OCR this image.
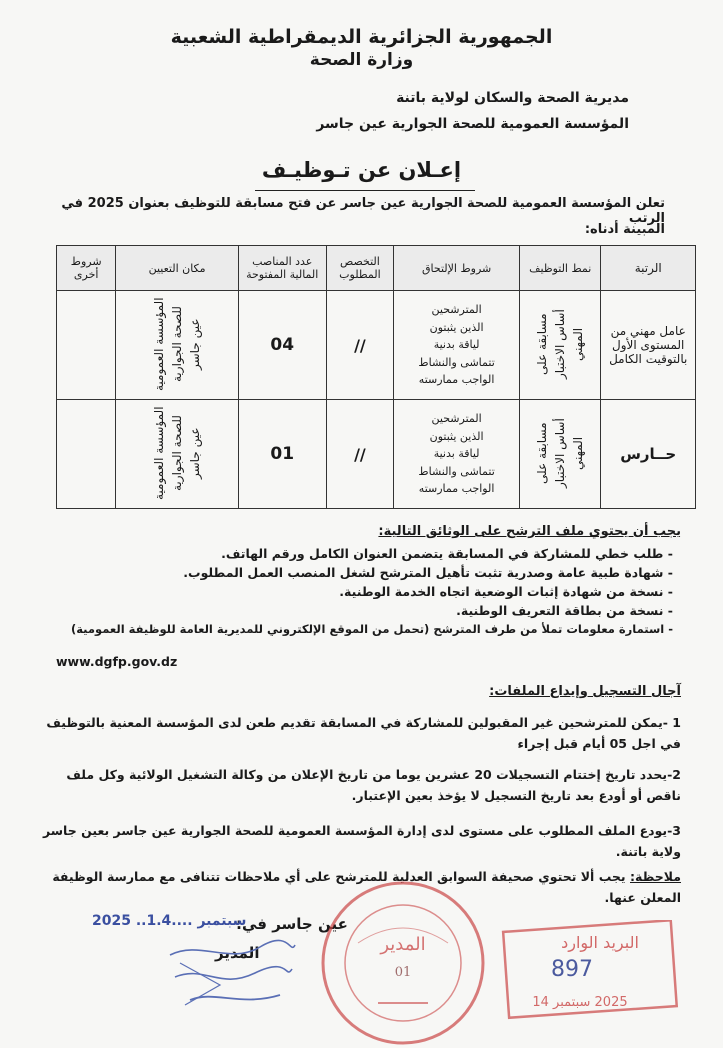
الجمهورية الجزائرية الديمقراطية الشعبية
وزارة الصحة
مديرية الصحة والسكان لولاية باتنة
المؤسسة العمومية للصحة الجوارية عين جاسر
إعـلان عن تـوظيـف
تعلن المؤسسة العمومية للصحة الجوارية عين جاسر عن فتح مسابقة للتوظيف بعنوان 2025 في الرتب
المبينة أدناه:
الرتبة	نمط التوظيف	شروط الإلتحاق	التخصص المطلوب	عدد المناصب المالية المفتوحة	مكان التعيين	شروط أخرى
عامل مهني من المستوى الأول بالتوقيت الكامل	مسابقة على أساس الاختبار المهني	المترشحين
الذين يثبتون
لياقة بدنية
تتماشى والنشاط
الواجب ممارسته	//	04	المؤسسة العمومية للصحة الجوارية عين جاسر	
حــارس	مسابقة على أساس الاختبار المهني	المترشحين
الذين يثبتون
لياقة بدنية
تتماشى والنشاط
الواجب ممارسته	//	01	المؤسسة العمومية للصحة الجوارية عين جاسر	
يجب أن يحتوي ملف الترشح على الوثائق التالية:
- طلب خطي للمشاركة في المسابقة يتضمن العنوان الكامل ورقم الهاتف.
- شهادة طبية عامة وصدرية تثبت تأهيل المترشح لشغل المنصب العمل المطلوب.
- نسخة من شهادة إثبات الوضعية اتجاه الخدمة الوطنية.
- نسخة من بطاقة التعريف الوطنية.
- استمارة معلومات تملأ من طرف المترشح (تحمل من الموقع الإلكتروني للمديرية العامة للوظيفة العمومية)
www.dgfp.gov.dz
آجال التسجيل وإيداع الملفات:
1 -يمكن للمترشحين غير المقبولين للمشاركة في المسابقة تقديم طعن لدى المؤسسة المعنية بالتوظيف في اجل 05 أيام قبل إجراء
2-يحدد تاريخ إختتام التسجيلات 20 عشرين يوما من تاريخ الإعلان من وكالة التشغيل الولائية وكل ملف ناقص أو أودع بعد تاريخ التسجيل لا يؤخذ بعين الإعتبار.
3-يودع الملف المطلوب على مستوى لدى إدارة المؤسسة العمومية للصحة الجوارية عين جاسر بعين جاسر ولاية باتنة.
ملاحظة: يجب ألا تحتوي صحيفة السوابق العدلية للمترشح على أي ملاحظات تتنافى مع ممارسة الوظيفة المعلن عنها.
عين جاسر في:
2025 ..1.4.... سبتمبر
المدير	المدير
01
البريد الوارد
897
2025 سبتمبر 14
